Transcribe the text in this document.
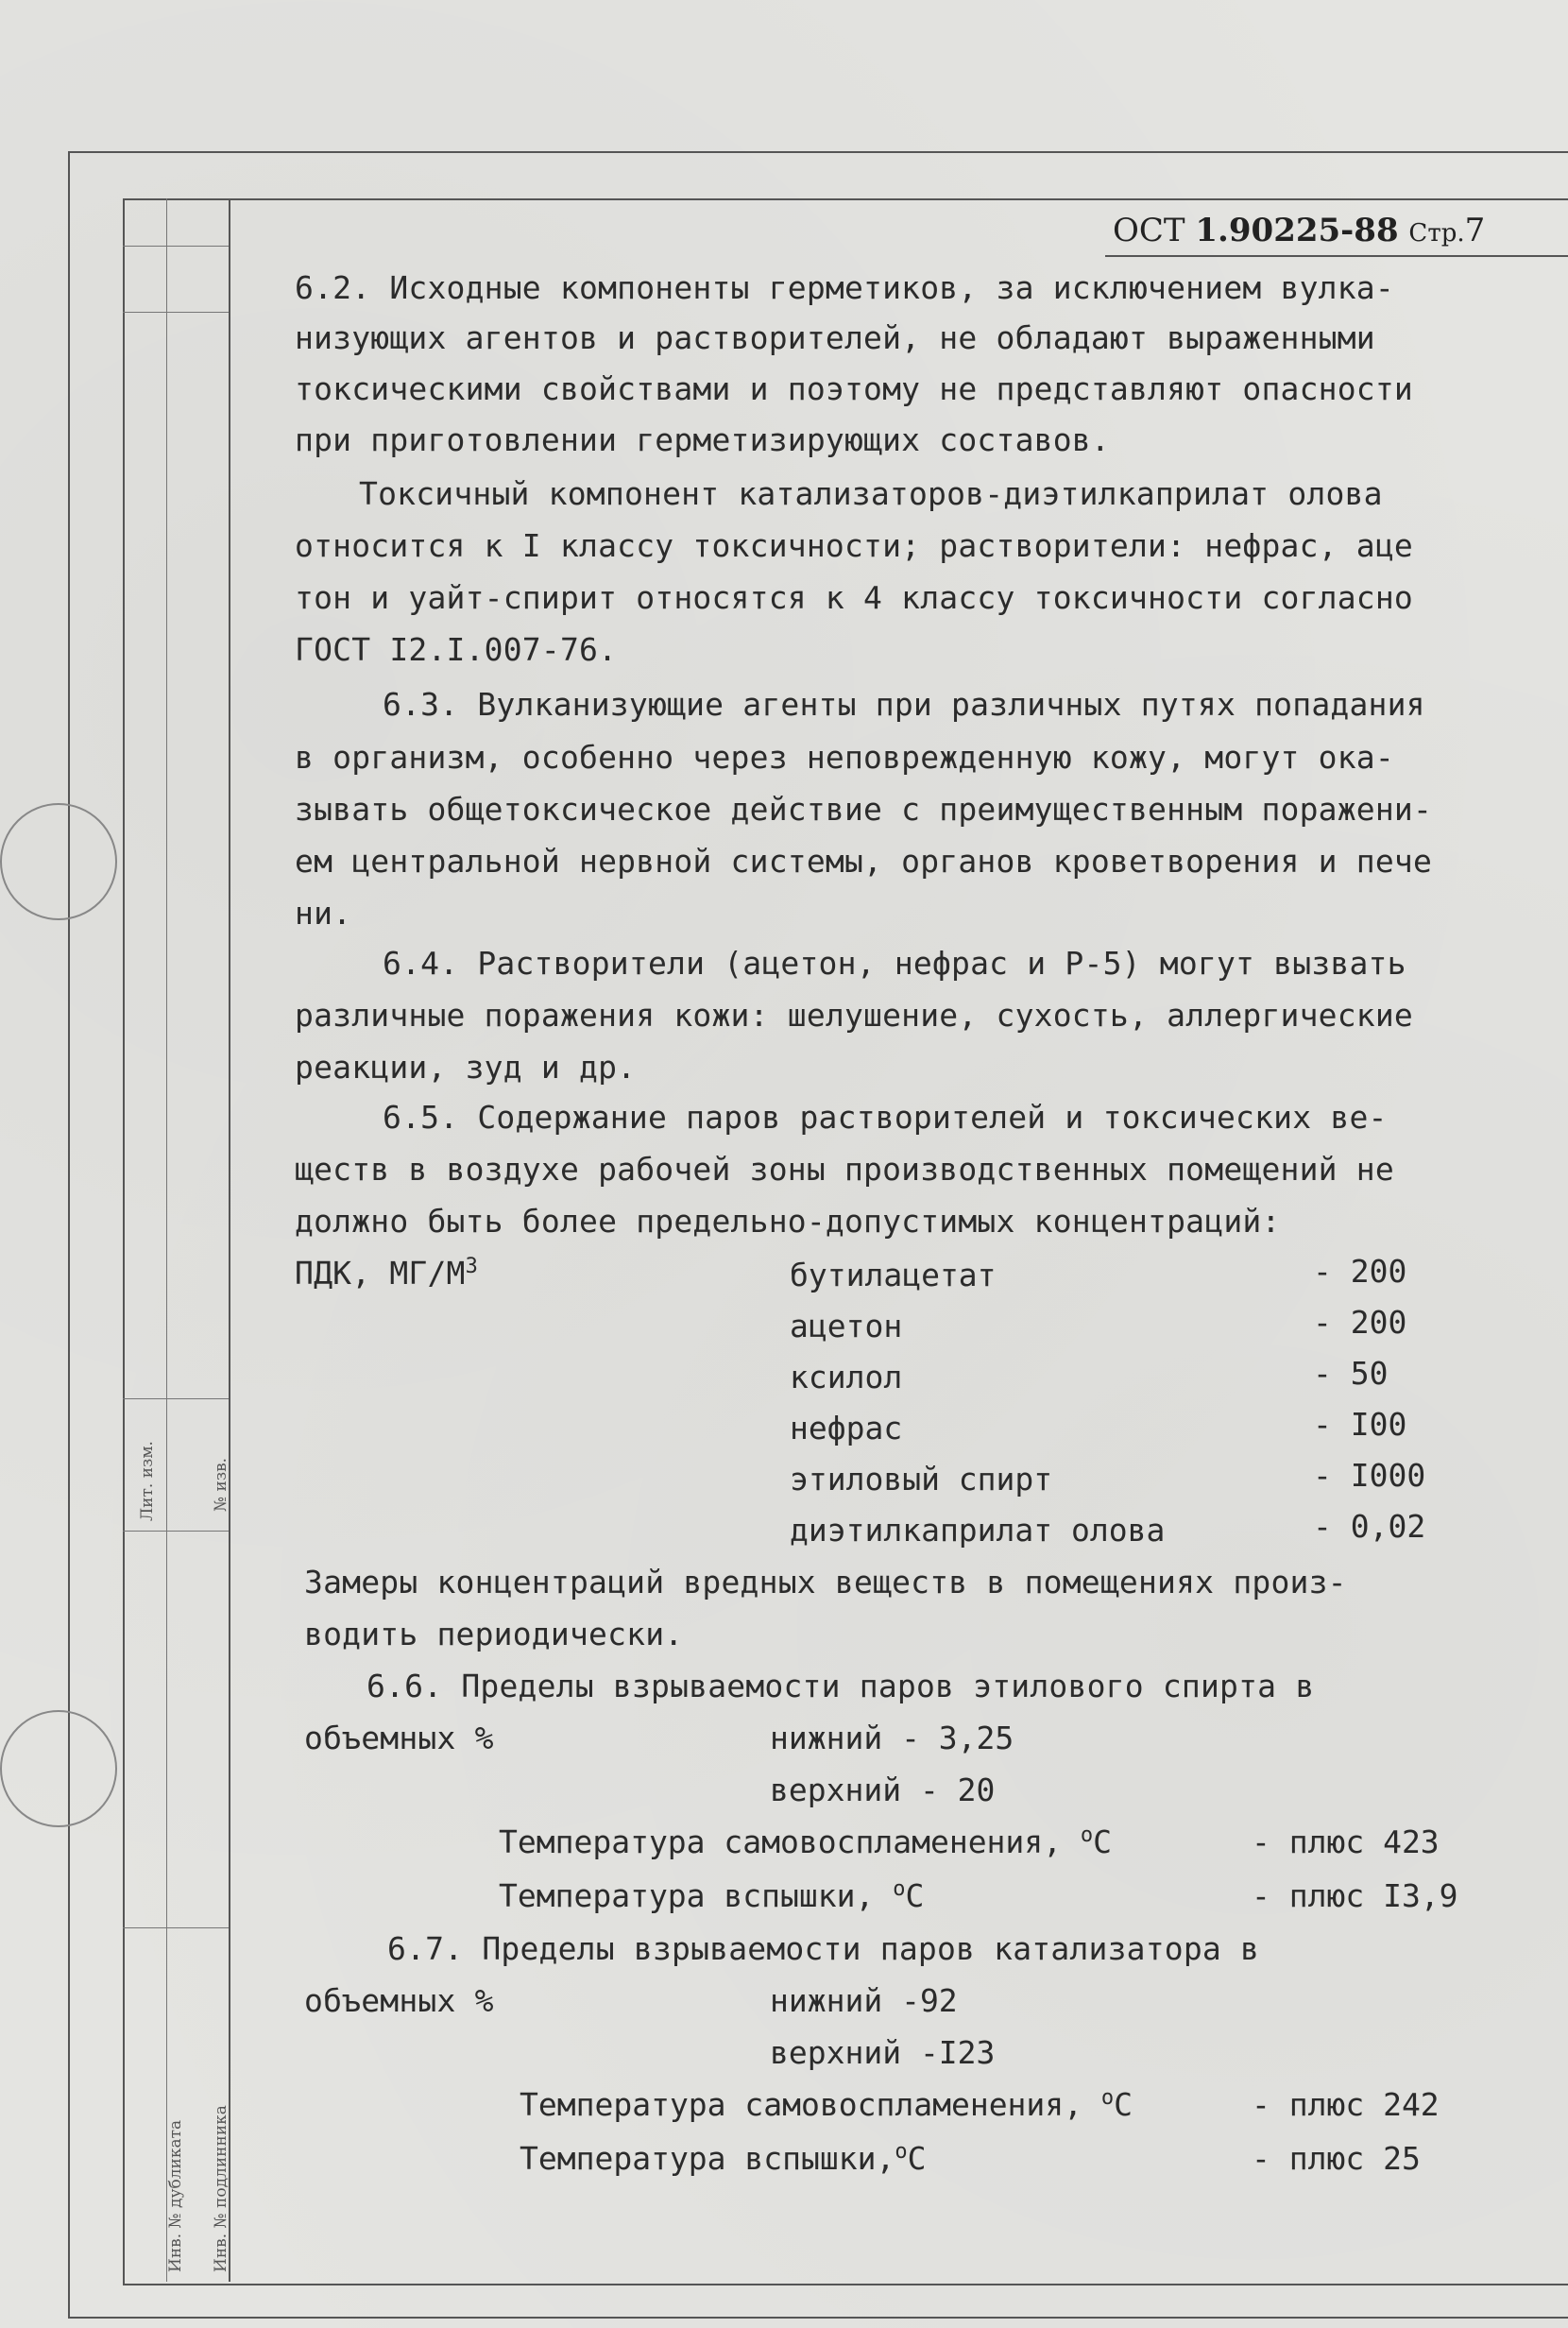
Лит. изм.	№ изв.
Инв. № дубликата Инв. № подлинника
ОСТ 1.90225-88 Стр.7
6.2. Исходные компоненты герметиков, за исключением вулка-
низующих агентов и растворителей, не обладают выраженными
токсическими свойствами и поэтому не представляют опасности
при приготовлении герметизирующих составов.
Токсичный компонент катализаторов-диэтилкаприлат олова
относится к I классу токсичности; растворители: нефрас, аце
тон и уайт-спирит относятся к 4 классу токсичности согласно
ГОСТ I2.I.007-76.
6.3. Вулканизующие агенты при различных путях попадания
в организм, особенно через неповрежденную кожу, могут ока-
зывать общетоксическое действие с преимущественным поражени-
ем центральной нервной системы, органов кроветворения и пече
ни.
6.4. Растворители (ацетон, нефрас и Р-5) могут вызвать
различные поражения кожи: шелушение, сухость, аллергические
реакции, зуд и др.
6.5. Содержание паров растворителей и токсических ве-
ществ в воздухе рабочей зоны производственных помещений не
должно быть более предельно-допустимых концентраций:
ПДК, $МГ/М^3$	бутилацетат	- 200
ацетон	- 200
ксилол	- 50
нефрас	- I00
этиловый спирт	- I000
диэтилкаприлат олова	- 0,02
Замеры концентраций вредных веществ в помещениях произ-
водить периодически.
6.6. Пределы взрываемости паров этилового спирта в
объемных %	нижний - 3,25
верхний - 20
Температура самовоспламенения, $^о$С	- плюс 423
Температура вспышки, $^о$С	- плюс I3,9
6.7. Пределы взрываемости паров катализатора в
объемных %	нижний -92
верхний -I23
Температура самовоспламенения, $^о$С	- плюс 242
Температура вспышки,$^о$С	- плюс 25
